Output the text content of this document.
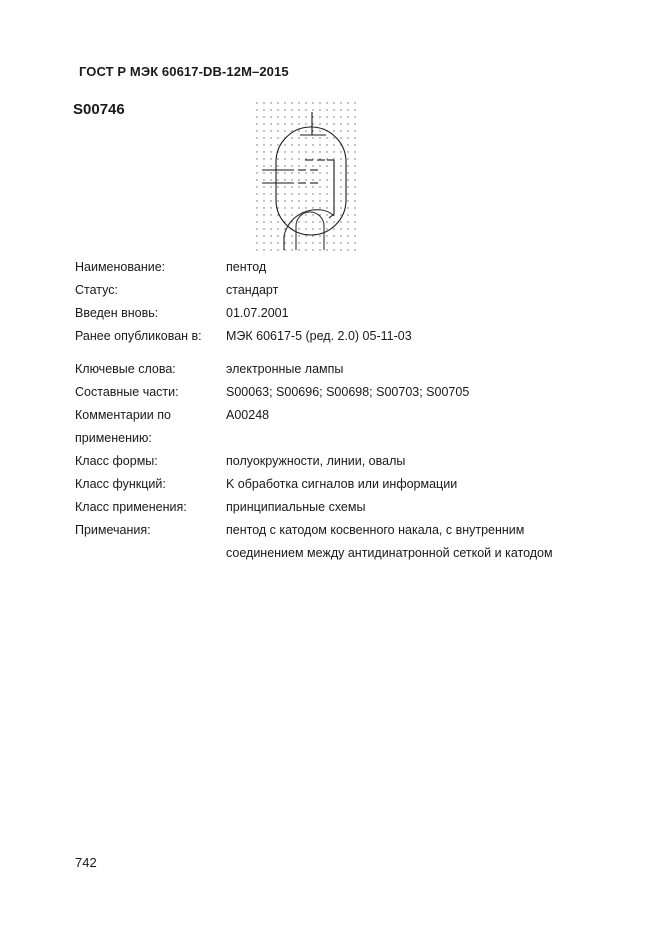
ГОСТ Р МЭК 60617-DB-12M–2015
S00746
Наименование:	пентод
Статус:	стандарт
Введен вновь:	01.07.2001
Ранее опубликован в: МЭК 60617-5 (ред. 2.0) 05-11-03
Ключевые слова:	электронные лампы
Составные части:	S00063; S00696; S00698; S00703; S00705
Комментарии по	A00248
применению:
Класс формы:	полуокружности, линии, овалы
Класс функций:	K обработка сигналов или информации
Класс применения:	принципиальные схемы
Примечания:	пентод с катодом косвенного накала, с внутренним
соединением между антидинатронной сеткой и катодом
742
